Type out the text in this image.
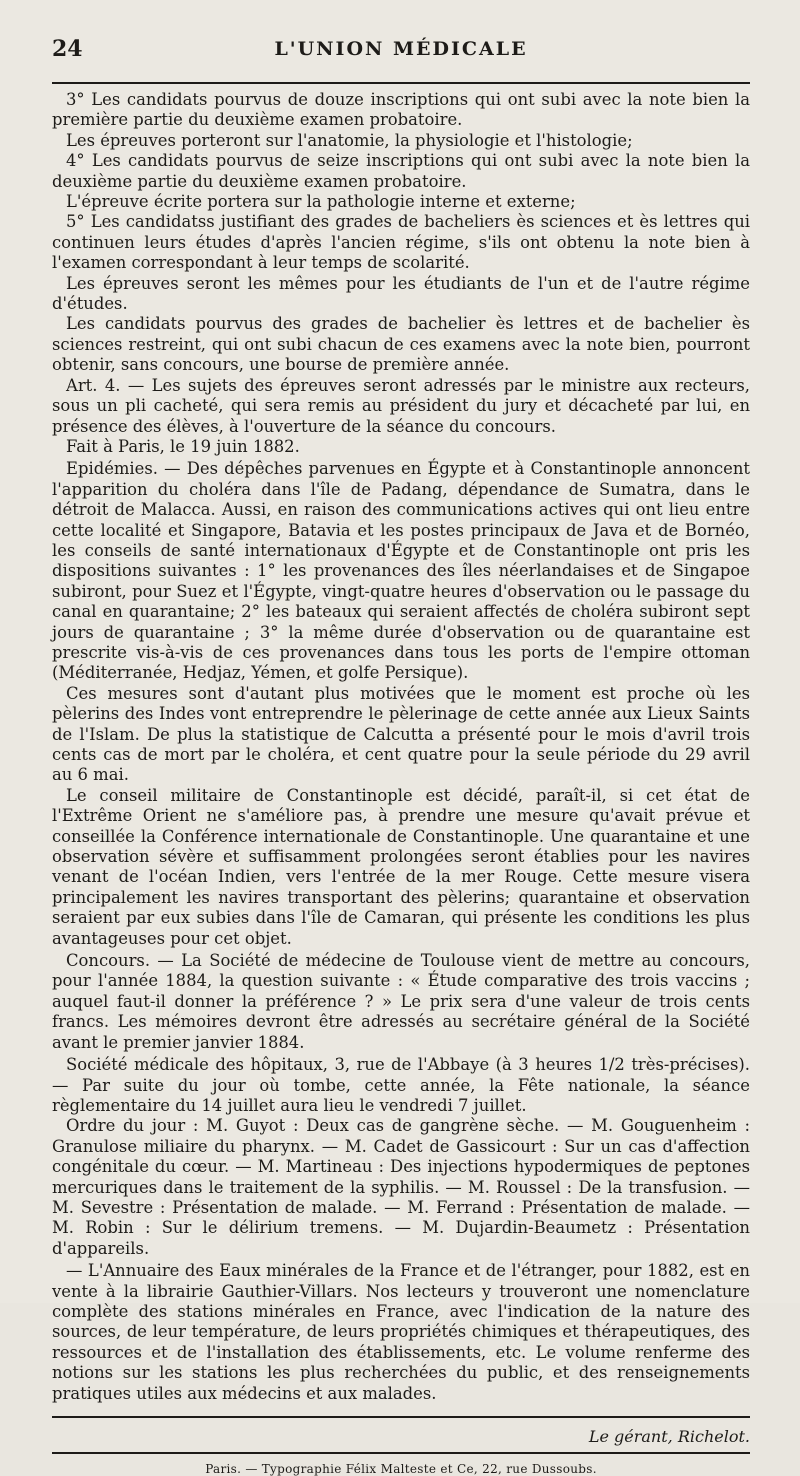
24	L'UNION MÉDICALE

3° Les candidats pourvus de douze inscriptions qui ont subi avec la note bien la première partie du deuxième examen probatoire.

Les épreuves porteront sur l'anatomie, la physiologie et l'histologie;

4° Les candidats pourvus de seize inscriptions qui ont subi avec la note bien la deuxième partie du deuxième examen probatoire.

L'épreuve écrite portera sur la pathologie interne et externe;

5° Les candidatss justifiant des grades de bacheliers ès sciences et ès lettres qui continuen leurs études d'après l'ancien régime, s'ils ont obtenu la note bien à l'examen correspondant à leur temps de scolarité.

Les épreuves seront les mêmes pour les étudiants de l'un et de l'autre régime d'études.

Les candidats pourvus des grades de bachelier ès lettres et de bachelier ès sciences restreint, qui ont subi chacun de ces examens avec la note bien, pourront obtenir, sans concours, une bourse de première année.

Art. 4. — Les sujets des épreuves seront adressés par le ministre aux recteurs, sous un pli cacheté, qui sera remis au président du jury et décacheté par lui, en présence des élèves, à l'ouverture de la séance du concours.

Fait à Paris, le 19 juin 1882.

Epidémies. — Des dépêches parvenues en Égypte et à Constantinople annoncent l'apparition du choléra dans l'île de Padang, dépendance de Sumatra, dans le détroit de Malacca. Aussi, en raison des communications actives qui ont lieu entre cette localité et Singapore, Batavia et les postes principaux de Java et de Bornéo, les conseils de santé internationaux d'Égypte et de Constantinople ont pris les dispositions suivantes : 1° les provenances des îles néerlandaises et de Singapoe subiront, pour Suez et l'Égypte, vingt-quatre heures d'observation ou le passage du canal en quarantaine; 2° les bateaux qui seraient affectés de choléra subiront sept jours de quarantaine ; 3° la même durée d'observation ou de quarantaine est prescrite vis-à-vis de ces provenances dans tous les ports de l'empire ottoman (Méditerranée, Hedjaz, Yémen, et golfe Persique).

Ces mesures sont d'autant plus motivées que le moment est proche où les pèlerins des Indes vont entreprendre le pèlerinage de cette année aux Lieux Saints de l'Islam. De plus la statistique de Calcutta a présenté pour le mois d'avril trois cents cas de mort par le choléra, et cent quatre pour la seule période du 29 avril au 6 mai.

Le conseil militaire de Constantinople est décidé, paraît-il, si cet état de l'Extrême Orient ne s'améliore pas, à prendre une mesure qu'avait prévue et conseillée la Conférence internationale de Constantinople. Une quarantaine et une observation sévère et suffisamment prolongées seront établies pour les navires venant de l'océan Indien, vers l'entrée de la mer Rouge. Cette mesure visera principalement les navires transportant des pèlerins; quarantaine et observation seraient par eux subies dans l'île de Camaran, qui présente les conditions les plus avantageuses pour cet objet.

Concours. — La Société de médecine de Toulouse vient de mettre au concours, pour l'année 1884, la question suivante : « Étude comparative des trois vaccins ; auquel faut-il donner la préférence ? » Le prix sera d'une valeur de trois cents francs. Les mémoires devront être adressés au secrétaire général de la Société avant le premier janvier 1884.

Société médicale des hôpitaux, 3, rue de l'Abbaye (à 3 heures 1/2 très-précises). — Par suite du jour où tombe, cette année, la Fête nationale, la séance règlementaire du 14 juillet aura lieu le vendredi 7 juillet.

Ordre du jour : M. Guyot : Deux cas de gangrène sèche. — M. Gouguenheim : Granulose miliaire du pharynx. — M. Cadet de Gassicourt : Sur un cas d'affection congénitale du cœur. — M. Martineau : Des injections hypodermiques de peptones mercuriques dans le traitement de la syphilis. — M. Roussel : De la transfusion. — M. Sevestre : Présentation de malade. — M. Ferrand : Présentation de malade. — M. Robin : Sur le délirium tremens. — M. Dujardin-Beaumetz : Présentation d'appareils.

— L'Annuaire des Eaux minérales de la France et de l'étranger, pour 1882, est en vente à la librairie Gauthier-Villars. Nos lecteurs y trouveront une nomenclature complète des stations minérales en France, avec l'indication de la nature des sources, de leur température, de leurs propriétés chimiques et thérapeutiques, des ressources et de l'installation des établissements, etc. Le volume renferme des notions sur les stations les plus recherchées du public, et des renseignements pratiques utiles aux médecins et aux malades.

Le gérant, Richelot.
Paris. — Typographie Félix Malteste et Ce, 22, rue Dussoubs.
